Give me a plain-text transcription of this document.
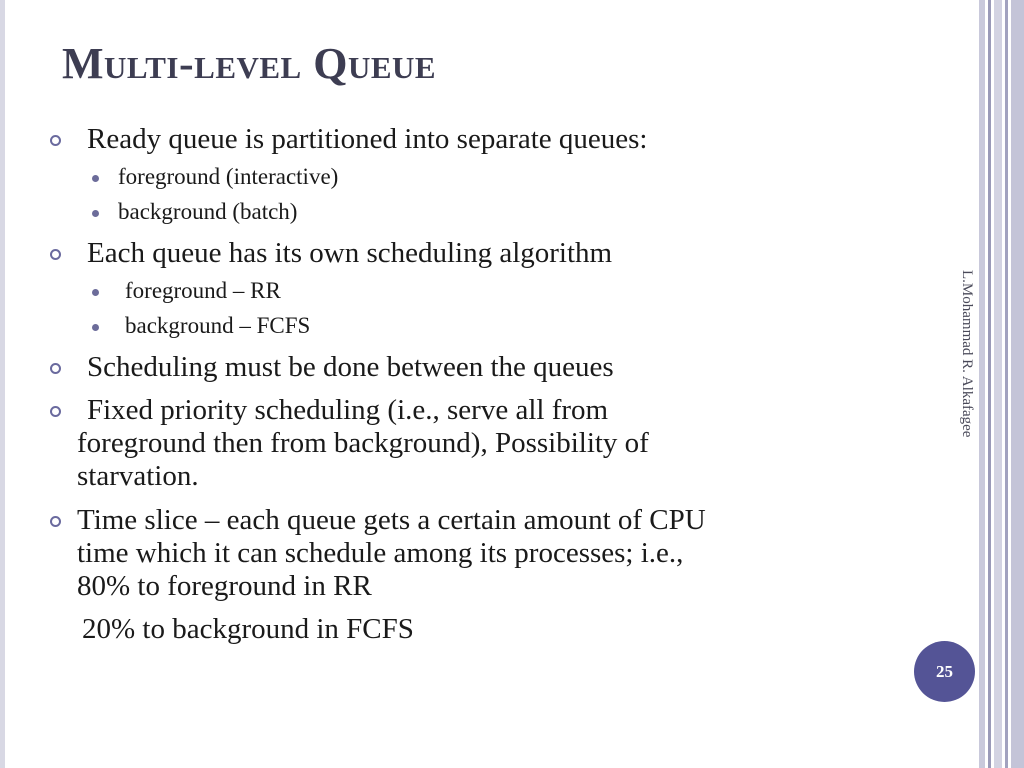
Multi-level Queue

Ready queue is partitioned into separate queues:

foreground (interactive)

background (batch)

Each queue has its own scheduling algorithm

foreground – RR

background – FCFS

Scheduling must be done between the queues

Fixed priority scheduling (i.e., serve all from

foreground then from background), Possibility of

starvation.

Time slice – each queue gets a certain amount of CPU

time which it can schedule among its processes; i.e.,

80% to foreground in RR

20% to background in FCFS

L.Mohammad R. Alkafagee
25
